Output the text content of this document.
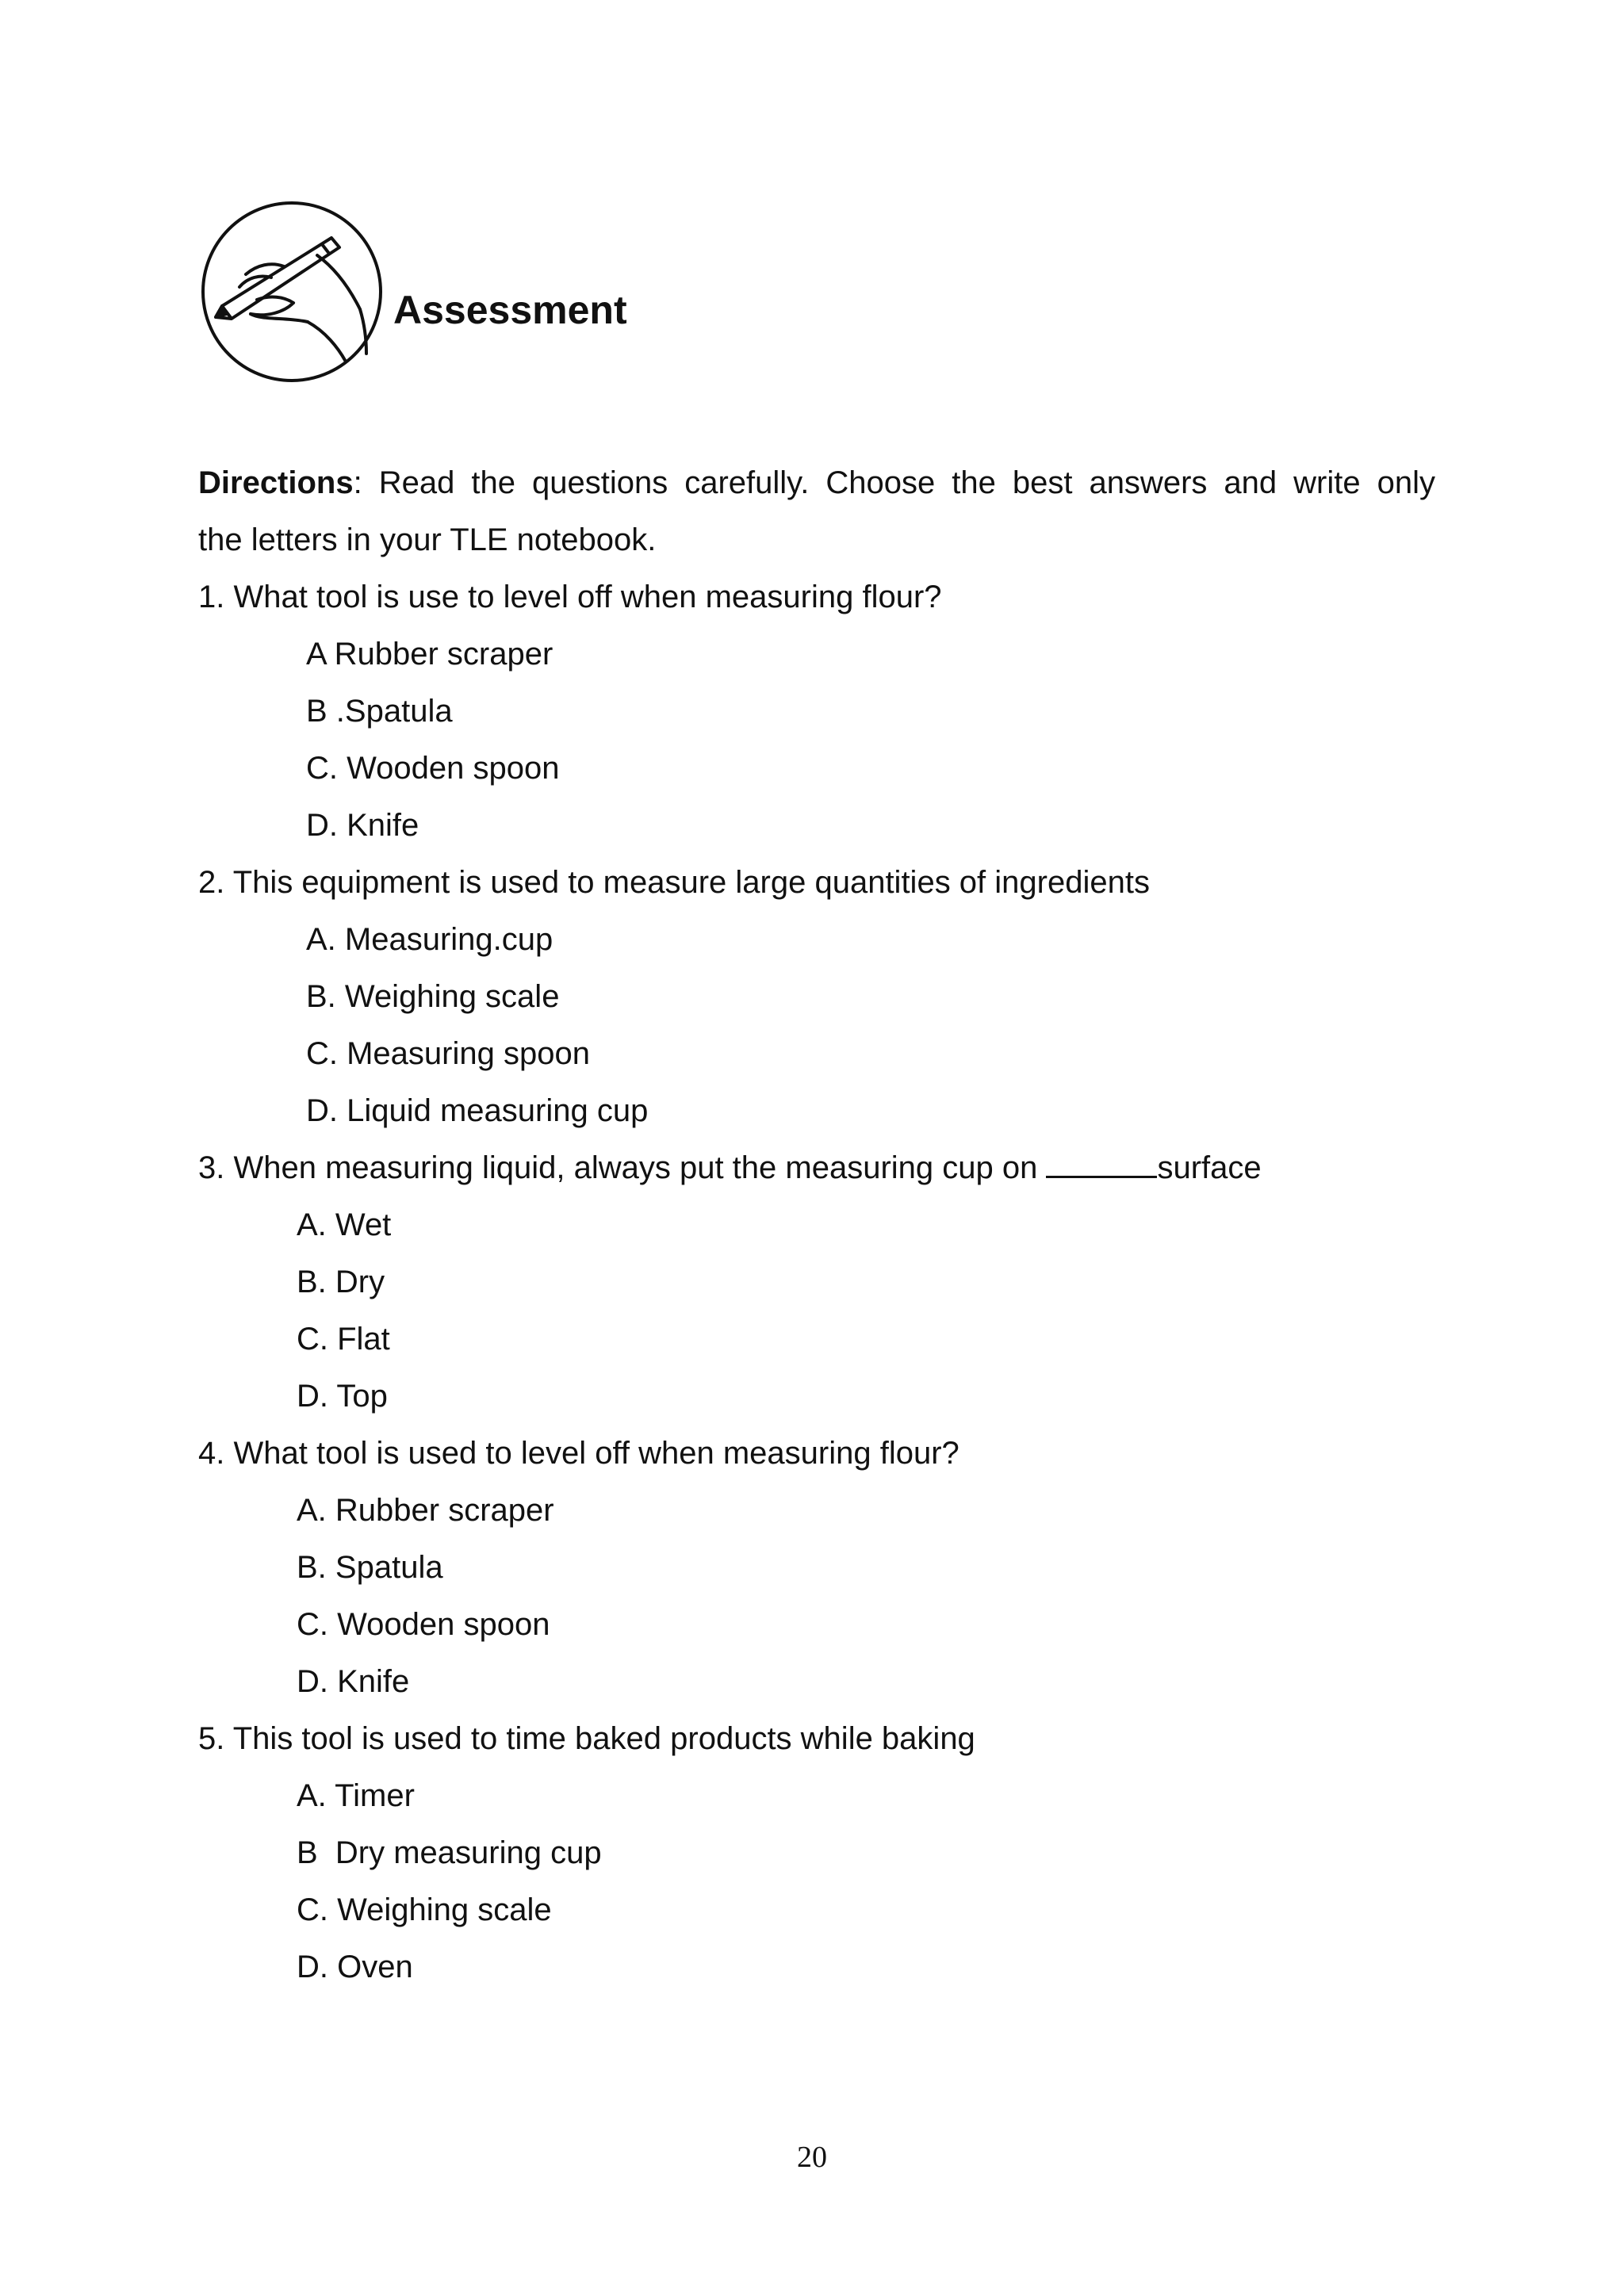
Assessment
Directions: Read the questions carefully. Choose the best answers and write only
the letters in your TLE notebook.
1. What tool is use to level off when measuring flour?
A Rubber scraper
B .Spatula
C. Wooden spoon
D. Knife
2. This equipment is used to measure large quantities of ingredients
A. Measuring.cup
B. Weighing scale
C. Measuring spoon
D. Liquid measuring cup
3. When measuring liquid, always put the measuring cup on	surface
A. Wet
B. Dry
C. Flat
D. Top
4. What tool is used to level off when measuring flour?
A. Rubber scraper
B. Spatula
C. Wooden spoon
D. Knife
5. This tool is used to time baked products while baking
A. Timer
B  Dry measuring cup
C. Weighing scale
D. Oven
20
